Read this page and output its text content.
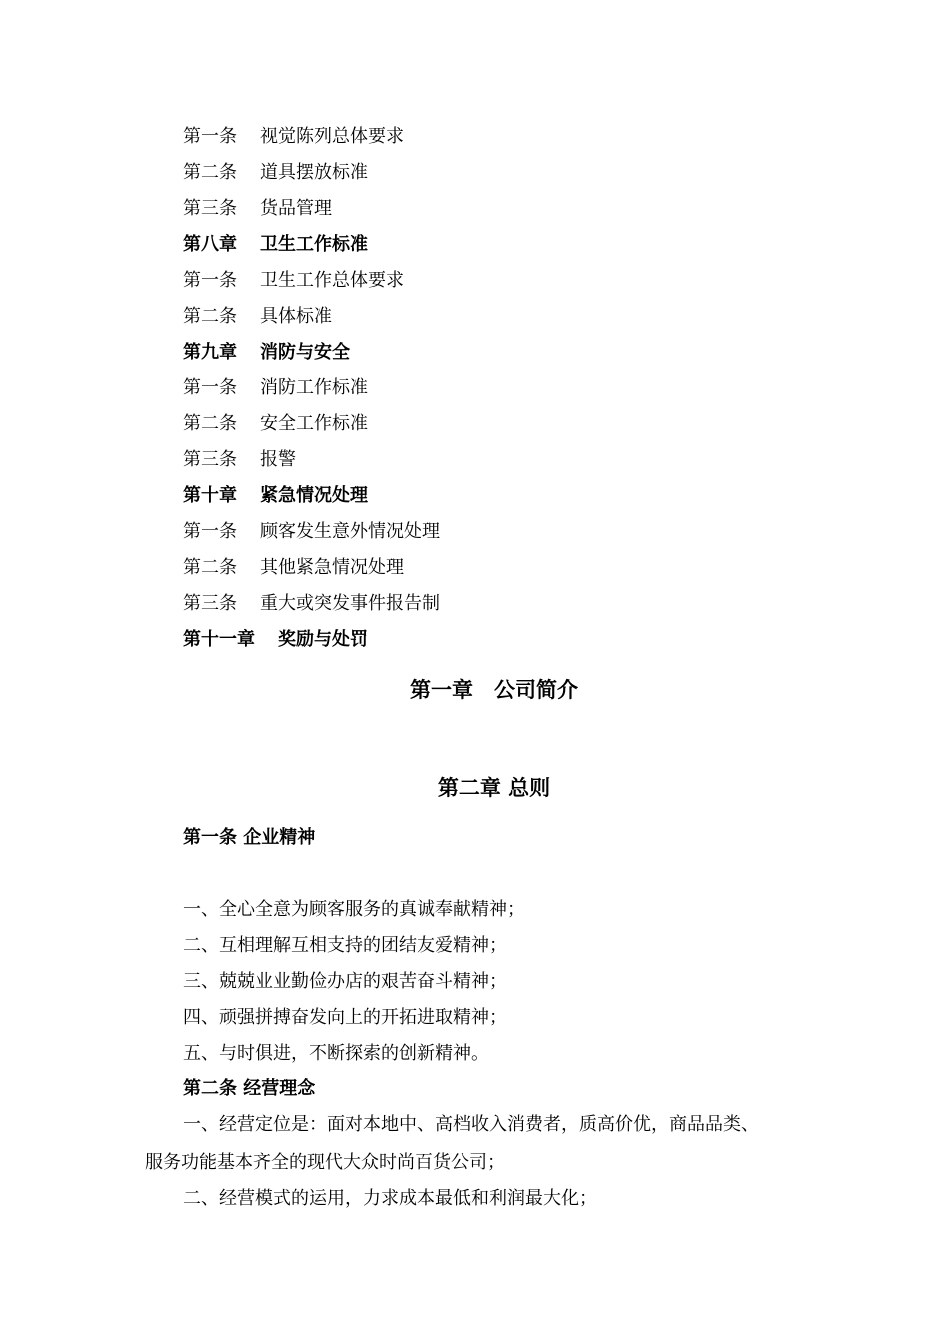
第一条 视觉陈列总体要求
第二条 道具摆放标准
第三条 货品管理
第八章 卫生工作标准
第一条 卫生工作总体要求
第二条 具体标准
第九章 消防与安全
第一条 消防工作标准
第二条 安全工作标准
第三条 报警
第十章 紧急情况处理
第一条 顾客发生意外情况处理
第二条 其他紧急情况处理
第三条 重大或突发事件报告制
第十一章 奖励与处罚
第一章　公司简介
第二章 总则
第一条 企业精神
一、全心全意为顾客服务的真诚奉献精神；
二、互相理解互相支持的团结友爱精神；
三、兢兢业业勤俭办店的艰苦奋斗精神；
四、顽强拼搏奋发向上的开拓进取精神；
五、与时俱进，不断探索的创新精神。
第二条 经营理念
一、经营定位是：面对本地中、高档收入消费者，质高价优，商品品类、
服务功能基本齐全的现代大众时尚百货公司；
二、经营模式的运用，力求成本最低和利润最大化；
